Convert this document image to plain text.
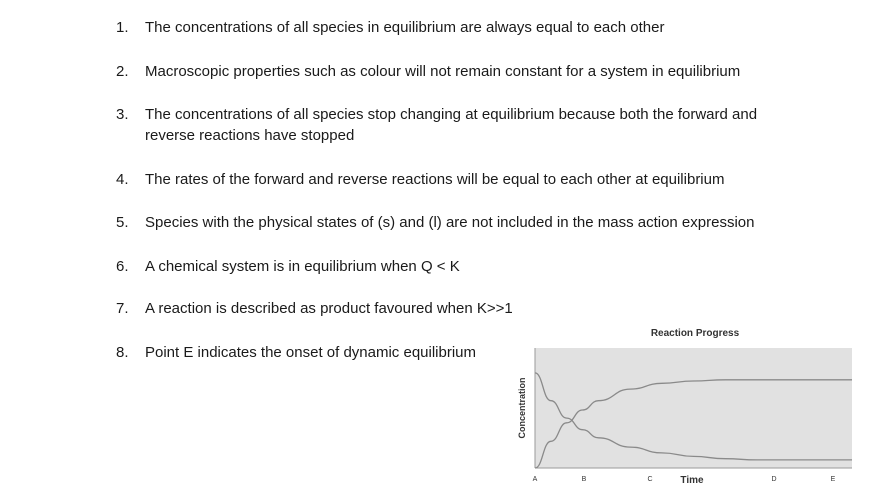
1.	The concentrations of all species in equilibrium are always equal to each other
2.	Macroscopic properties such as colour will not remain constant for a system in equilibrium
3.	The concentrations of all species stop changing at equilibrium because both the forward and
reverse reactions have stopped
4.	The rates of the forward and reverse reactions will be equal to each other at equilibrium
5.	Species with the physical states of (s) and (l) are not included in the mass action expression
6.	A chemical system is in equilibrium when Q < K
7.	A reaction is described as product favoured when K>>1
8.	Point E indicates the onset of dynamic equilibrium
Reaction Progress
Concentration
Time
A	B	C	D	E
